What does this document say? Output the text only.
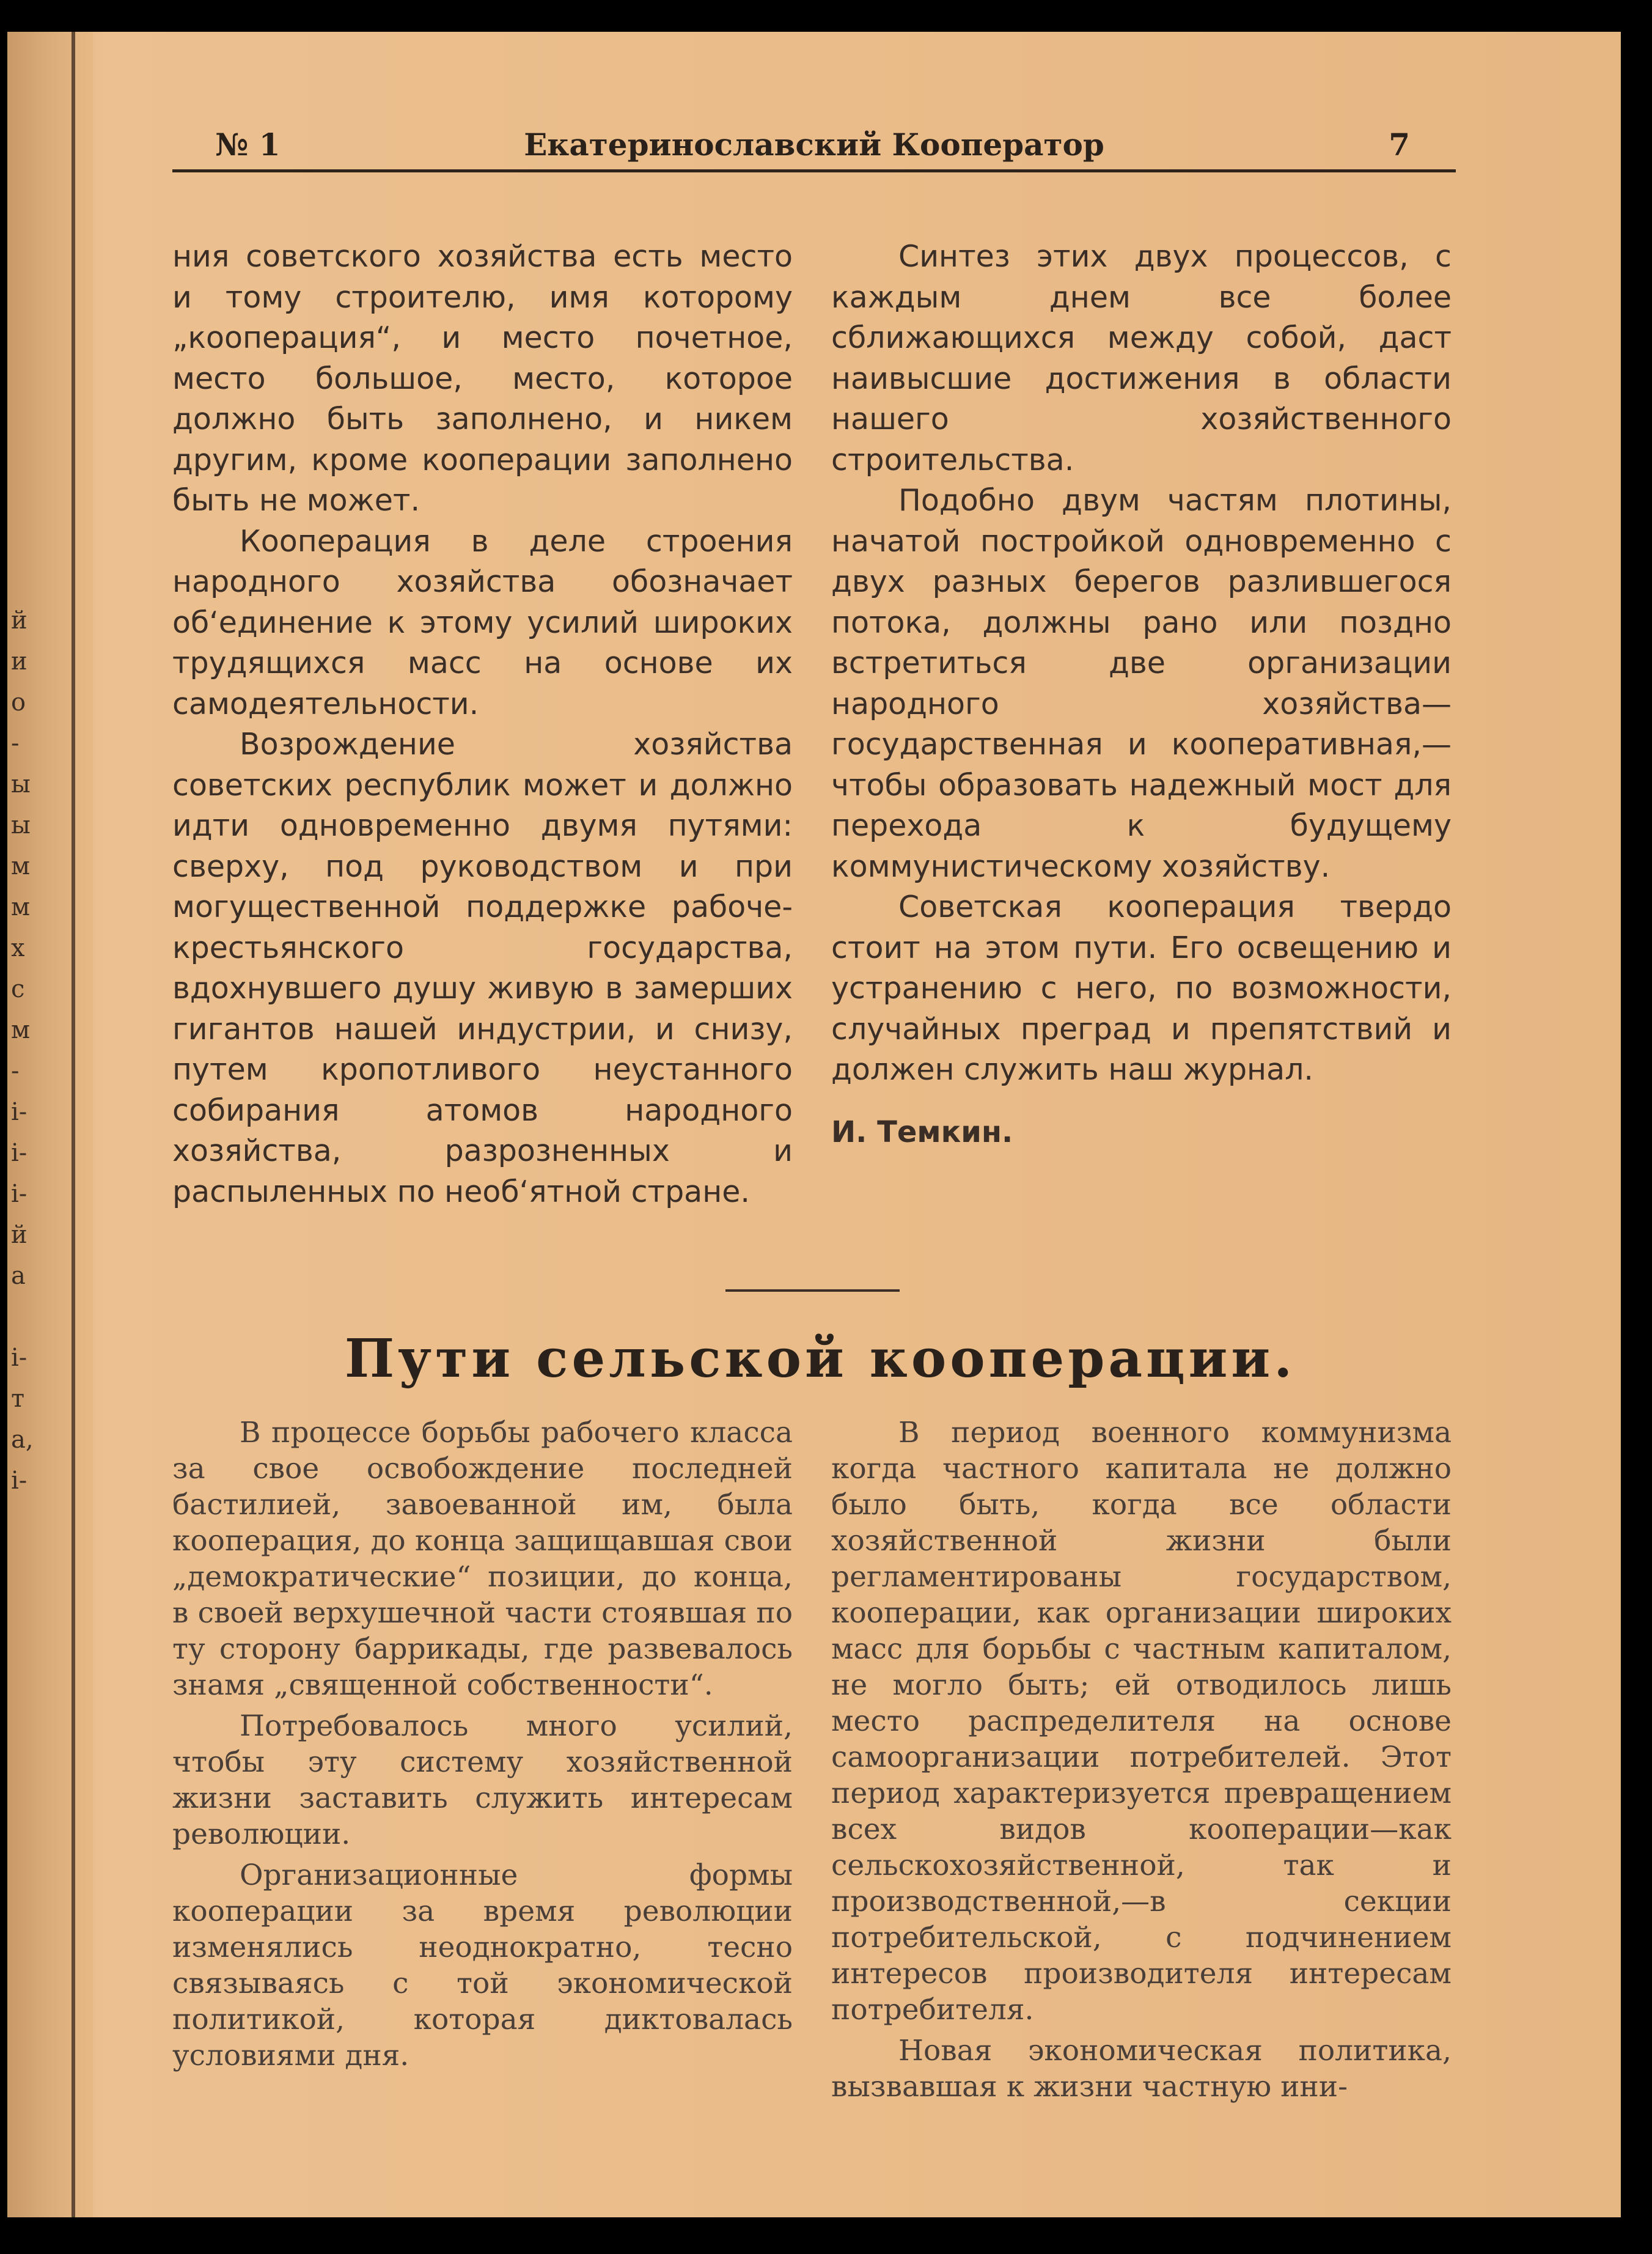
й
и
о
-
ы
ы
м
м
х
с
м
-
і-
і-
і-
й
а
і-
т
а,
і-
№ 1	Екатеринославский Кооператор	7

ния советского хозяйства есть место и тому строителю, имя которому „кооперация“, и место почетное, место большое, место, которое должно быть заполнено, и никем другим, кроме кооперации заполнено быть не может.

Кооперация в деле строения народного хозяйства обозначает об‘единение к этому усилий широких трудящихся масс на основе их самодеятельности.

Возрождение хозяйства советских республик может и должно идти одновременно двумя путями: сверху, под руководством и при могущественной поддержке рабоче-крестьянского государства, вдохнувшего душу живую в замерших гигантов нашей индустрии, и снизу, путем кропотливого неустанного собирания атомов народного хозяйства, разрозненных и распыленных по необ‘ятной стране.

Синтез этих двух процессов, с каждым днем все более сближающихся между собой, даст наивысшие достижения в области нашего хозяйственного строительства.

Подобно двум частям плотины, начатой постройкой одновременно с двух разных берегов разлившегося потока, должны рано или поздно встретиться две организации народного хозяйства—государственная и кооперативная,—чтобы образовать надежный мост для перехода к будущему коммунистическому хозяйству.

Советская кооперация твердо стоит на этом пути. Его освещению и устранению с него, по возможности, случайных преград и препятствий и должен служить наш журнал.

И. Темкин.

Пути сельской кооперации.

В процессе борьбы рабочего класса за свое освобождение последней бастилией, завоеванной им, была кооперация, до конца защищавшая свои „демократические“ позиции, до конца, в своей верхушечной части стоявшая по ту сторону баррикады, где развевалось знамя „священной собственности“.

Потребовалось много усилий, чтобы эту систему хозяйственной жизни заставить служить интересам революции.

Организационные формы кооперации за время революции изменялись неоднократно, тесно связываясь с той экономической политикой, которая диктовалась условиями дня.

В период военного коммунизма когда частного капитала не должно было быть, когда все области хозяйственной жизни были регламентированы государством, кооперации, как организации широких масс для борьбы с частным капиталом, не могло быть; ей отводилось лишь место распределителя на основе самоорганизации потребителей. Этот период характеризуется превращением всех видов кооперации—как сельскохозяйственной, так и производственной,—в секции потребительской, с подчинением интересов производителя интересам потребителя.

Новая экономическая политика, вызвавшая к жизни частную ини-
